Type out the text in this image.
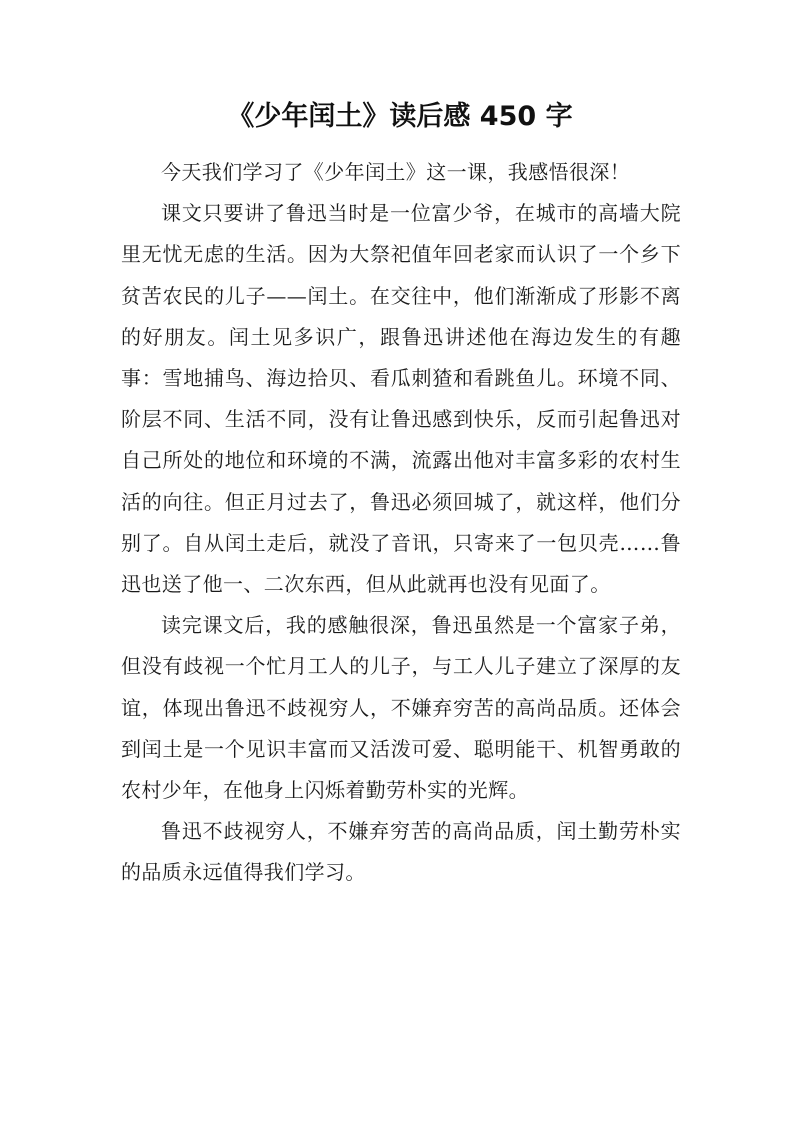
《少年闰土》读后感 450 字

今天我们学习了《少年闰土》这一课，我感悟很深！

课文只要讲了鲁迅当时是一位富少爷，在城市的高墙大院里无忧无虑的生活。因为大祭祀值年回老家而认识了一个乡下贫苦农民的儿子——闰土。在交往中，他们渐渐成了形影不离的好朋友。闰土见多识广，跟鲁迅讲述他在海边发生的有趣事：雪地捕鸟、海边拾贝、看瓜刺猹和看跳鱼儿。环境不同、阶层不同、生活不同，没有让鲁迅感到快乐，反而引起鲁迅对自己所处的地位和环境的不满，流露出他对丰富多彩的农村生活的向往。但正月过去了，鲁迅必须回城了，就这样，他们分别了。自从闰土走后，就没了音讯，只寄来了一包贝壳……鲁迅也送了他一、二次东西，但从此就再也没有见面了。

读完课文后，我的感触很深，鲁迅虽然是一个富家子弟，但没有歧视一个忙月工人的儿子，与工人儿子建立了深厚的友谊，体现出鲁迅不歧视穷人，不嫌弃穷苦的高尚品质。还体会到闰土是一个见识丰富而又活泼可爱、聪明能干、机智勇敢的农村少年，在他身上闪烁着勤劳朴实的光辉。

鲁迅不歧视穷人，不嫌弃穷苦的高尚品质，闰土勤劳朴实的品质永远值得我们学习。
